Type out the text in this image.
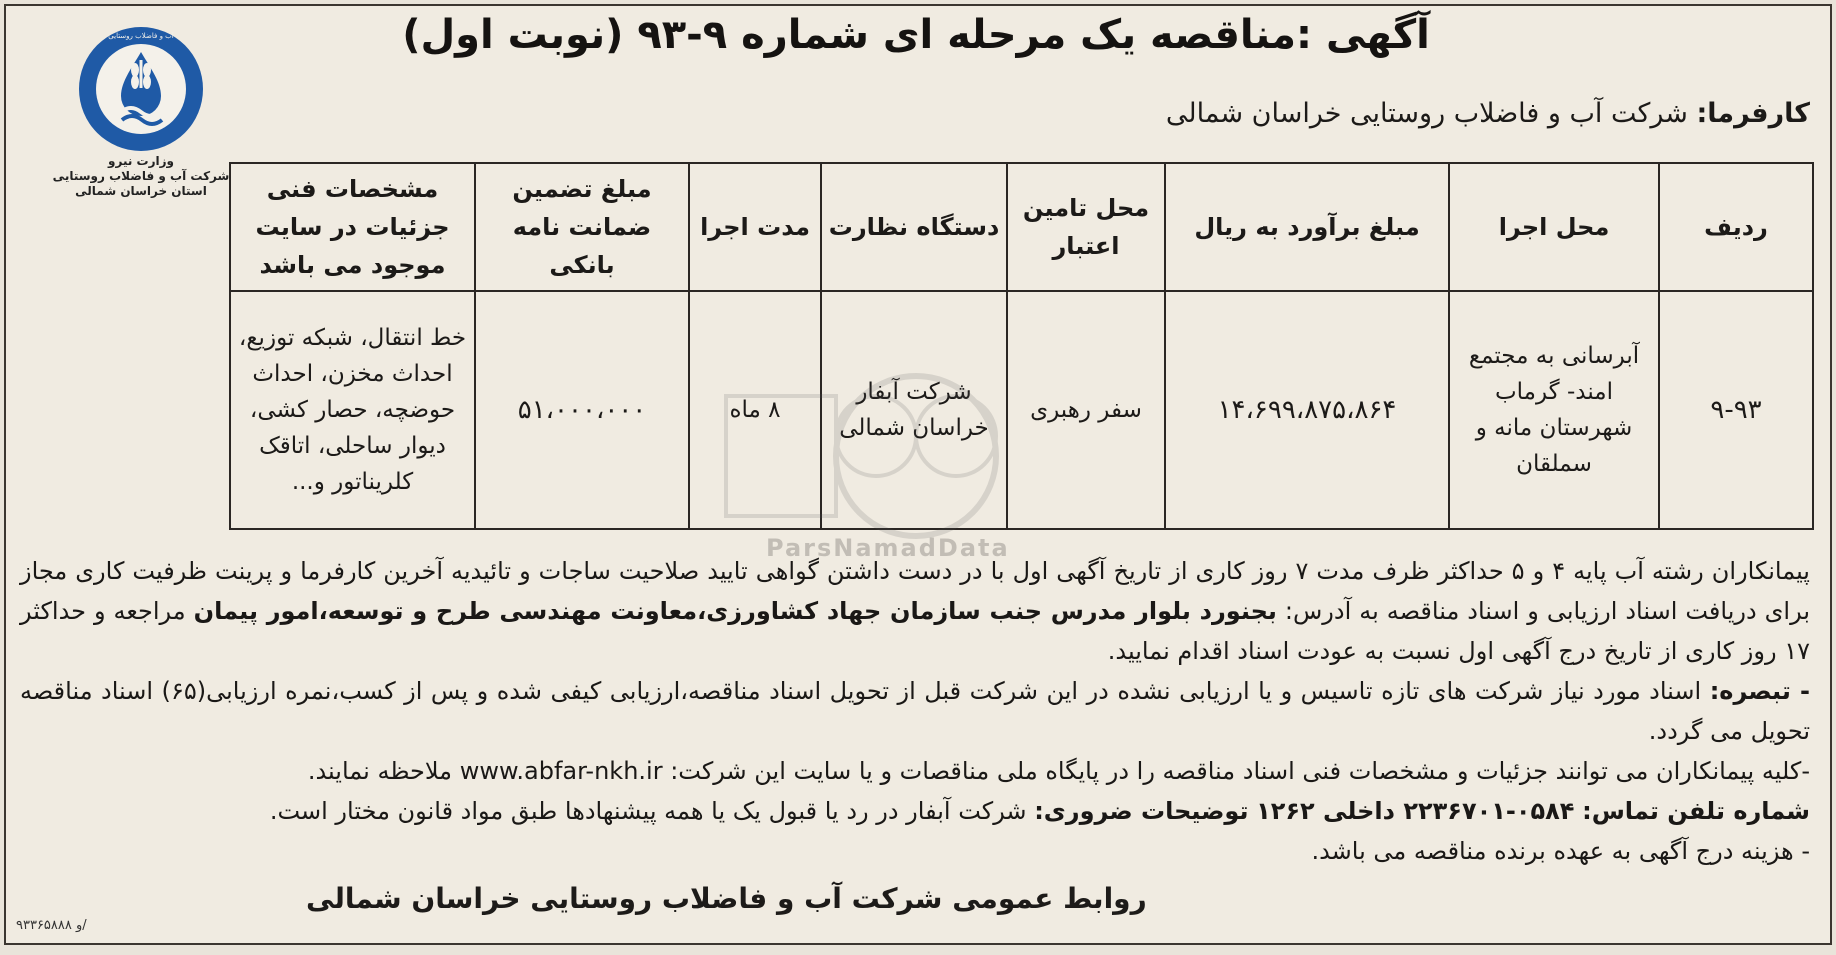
آب و فاضلاب روستایی
وزارت نیرو
شرکت آب و فاضلاب روستایی
استان خراسان شمالی
آگهی :مناقصه یک مرحله ای شماره ۹-۹۳ (نوبت اول)
کارفرما: شرکت آب و فاضلاب روستایی خراسان شمالی
ردیف	محل اجرا	مبلغ برآورد به ریال	محل تامین اعتبار	دستگاه نظارت	مدت اجرا	مبلغ تضمین ضمانت نامه بانکی	مشخصات فنی جزئیات در سایت موجود می باشد
۹-۹۳	آبرسانی به مجتمع امند- گرماب شهرستان مانه و سملقان	۱۴،۶۹۹،۸۷۵،۸۶۴	سفر رهبری	شرکت آبفار خراسان شمالی	۸ ماه	۵۱،۰۰۰،۰۰۰	خط انتقال، شبکه توزیع، احداث مخزن، احداث حوضچه، حصار کشی، دیوار ساحلی، اتاقک کلریناتور و...
ParsNamadData

پیمانکاران رشته آب پایه ۴ و ۵ حداکثر ظرف مدت ۷ روز کاری از تاریخ آگهی اول با در دست داشتن گواهی تایید صلاحیت ساجات و تائیدیه آخرین کارفرما و پرینت ظرفیت کاری مجاز برای دریافت اسناد ارزیابی و اسناد مناقصه به آدرس: بجنورد بلوار مدرس جنب سازمان جهاد کشاورزی،معاونت مهندسی طرح و توسعه،امور پیمان مراجعه و حداکثر ۱۷ روز کاری از تاریخ درج آگهی اول نسبت به عودت اسناد اقدام نمایید.

- تبصره: اسناد مورد نیاز شرکت های تازه تاسیس و یا ارزیابی نشده در این شرکت قبل از تحویل اسناد مناقصه،ارزیابی کیفی شده و پس از کسب،نمره ارزیابی(۶۵) اسناد مناقصه تحویل می گردد.

-کلیه پیمانکاران می توانند جزئیات و مشخصات فنی اسناد مناقصه را در پایگاه ملی مناقصات و یا سایت این شرکت: www.abfar-nkh.ir ملاحظه نمایند.

شماره تلفن تماس: ۰۵۸۴-۲۲۳۶۷۰۱ داخلی ۱۲۶۲ توضیحات ضروری: شرکت آبفار در رد یا قبول یک یا همه پیشنهادها طبق مواد قانون مختار است.

- هزینه درج آگهی به عهده برنده مناقصه می باشد.

روابط عمومی شرکت آب و فاضلاب روستایی خراسان شمالی
و ۹۳۳۶۵۸۸۸/
